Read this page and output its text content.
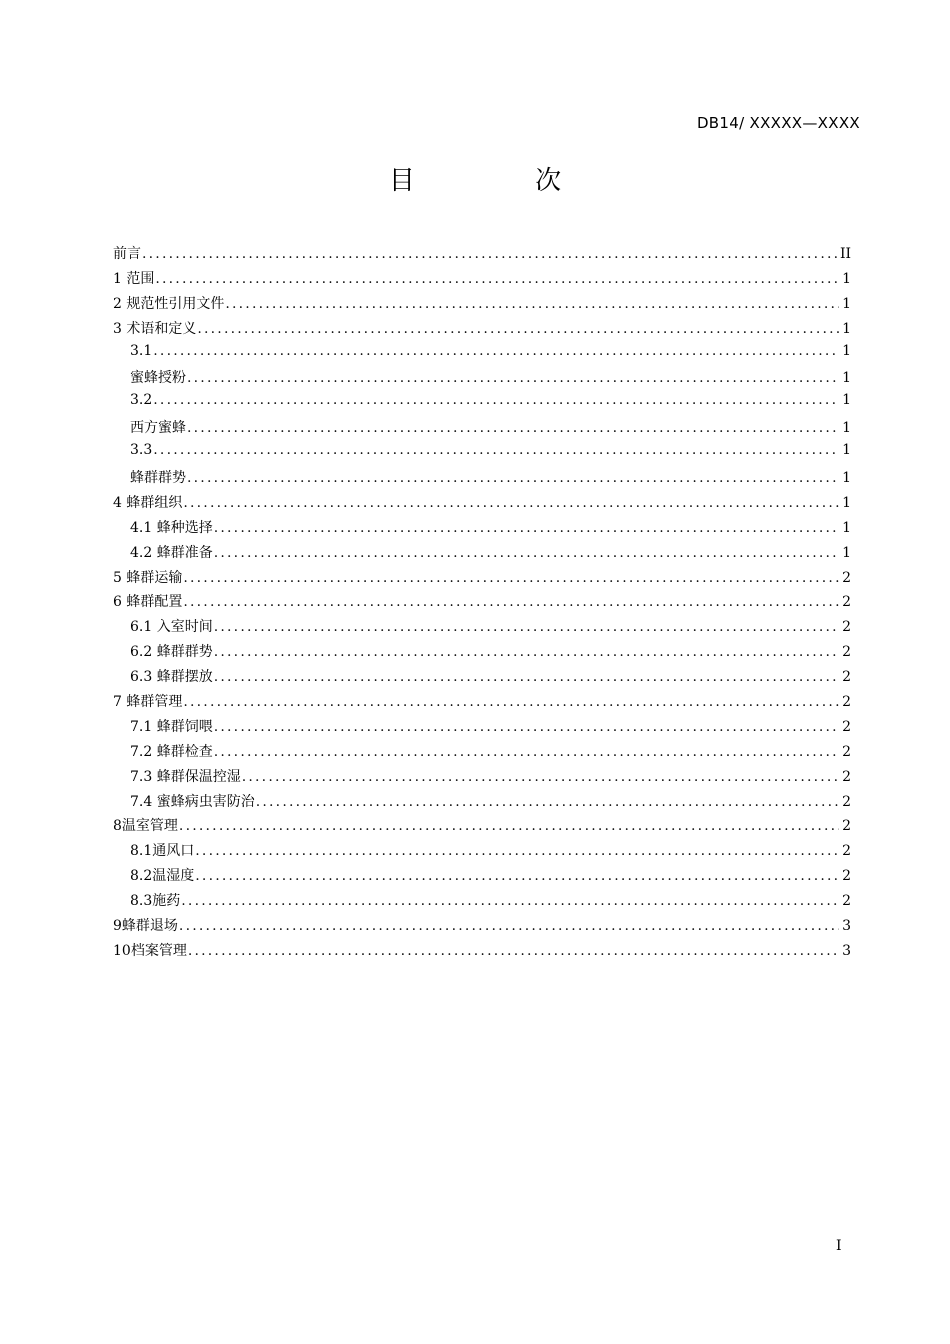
DB14/ XXXXX—XXXX
目 次
前言 .....	II
1 范围 .....	1
2 规范性引用文件 .....	1
3 术语和定义 .....	1
3.1 .....	1
蜜蜂授粉 .....	1
3.2 .....	1
西方蜜蜂 .....	1
3.3 .....	1
蜂群群势 .....	1
4 蜂群组织 .....	1
4.1 蜂种选择 .....	1
4.2 蜂群准备 .....	1
5 蜂群运输 .....	2
6 蜂群配置 .....	2
6.1 入室时间 .....	2
6.2 蜂群群势 .....	2
6.3 蜂群摆放 .....	2
7 蜂群管理 .....	2
7.1 蜂群饲喂 .....	2
7.2 蜂群检查 .....	2
7.3 蜂群保温控湿 .....	2
7.4 蜜蜂病虫害防治 .....	2
8温室管理 .....	2
8.1通风口 .....	2
8.2温湿度 .....	2
8.3施药 .....	2
9蜂群退场 .....	3
10档案管理 .....	3
I
